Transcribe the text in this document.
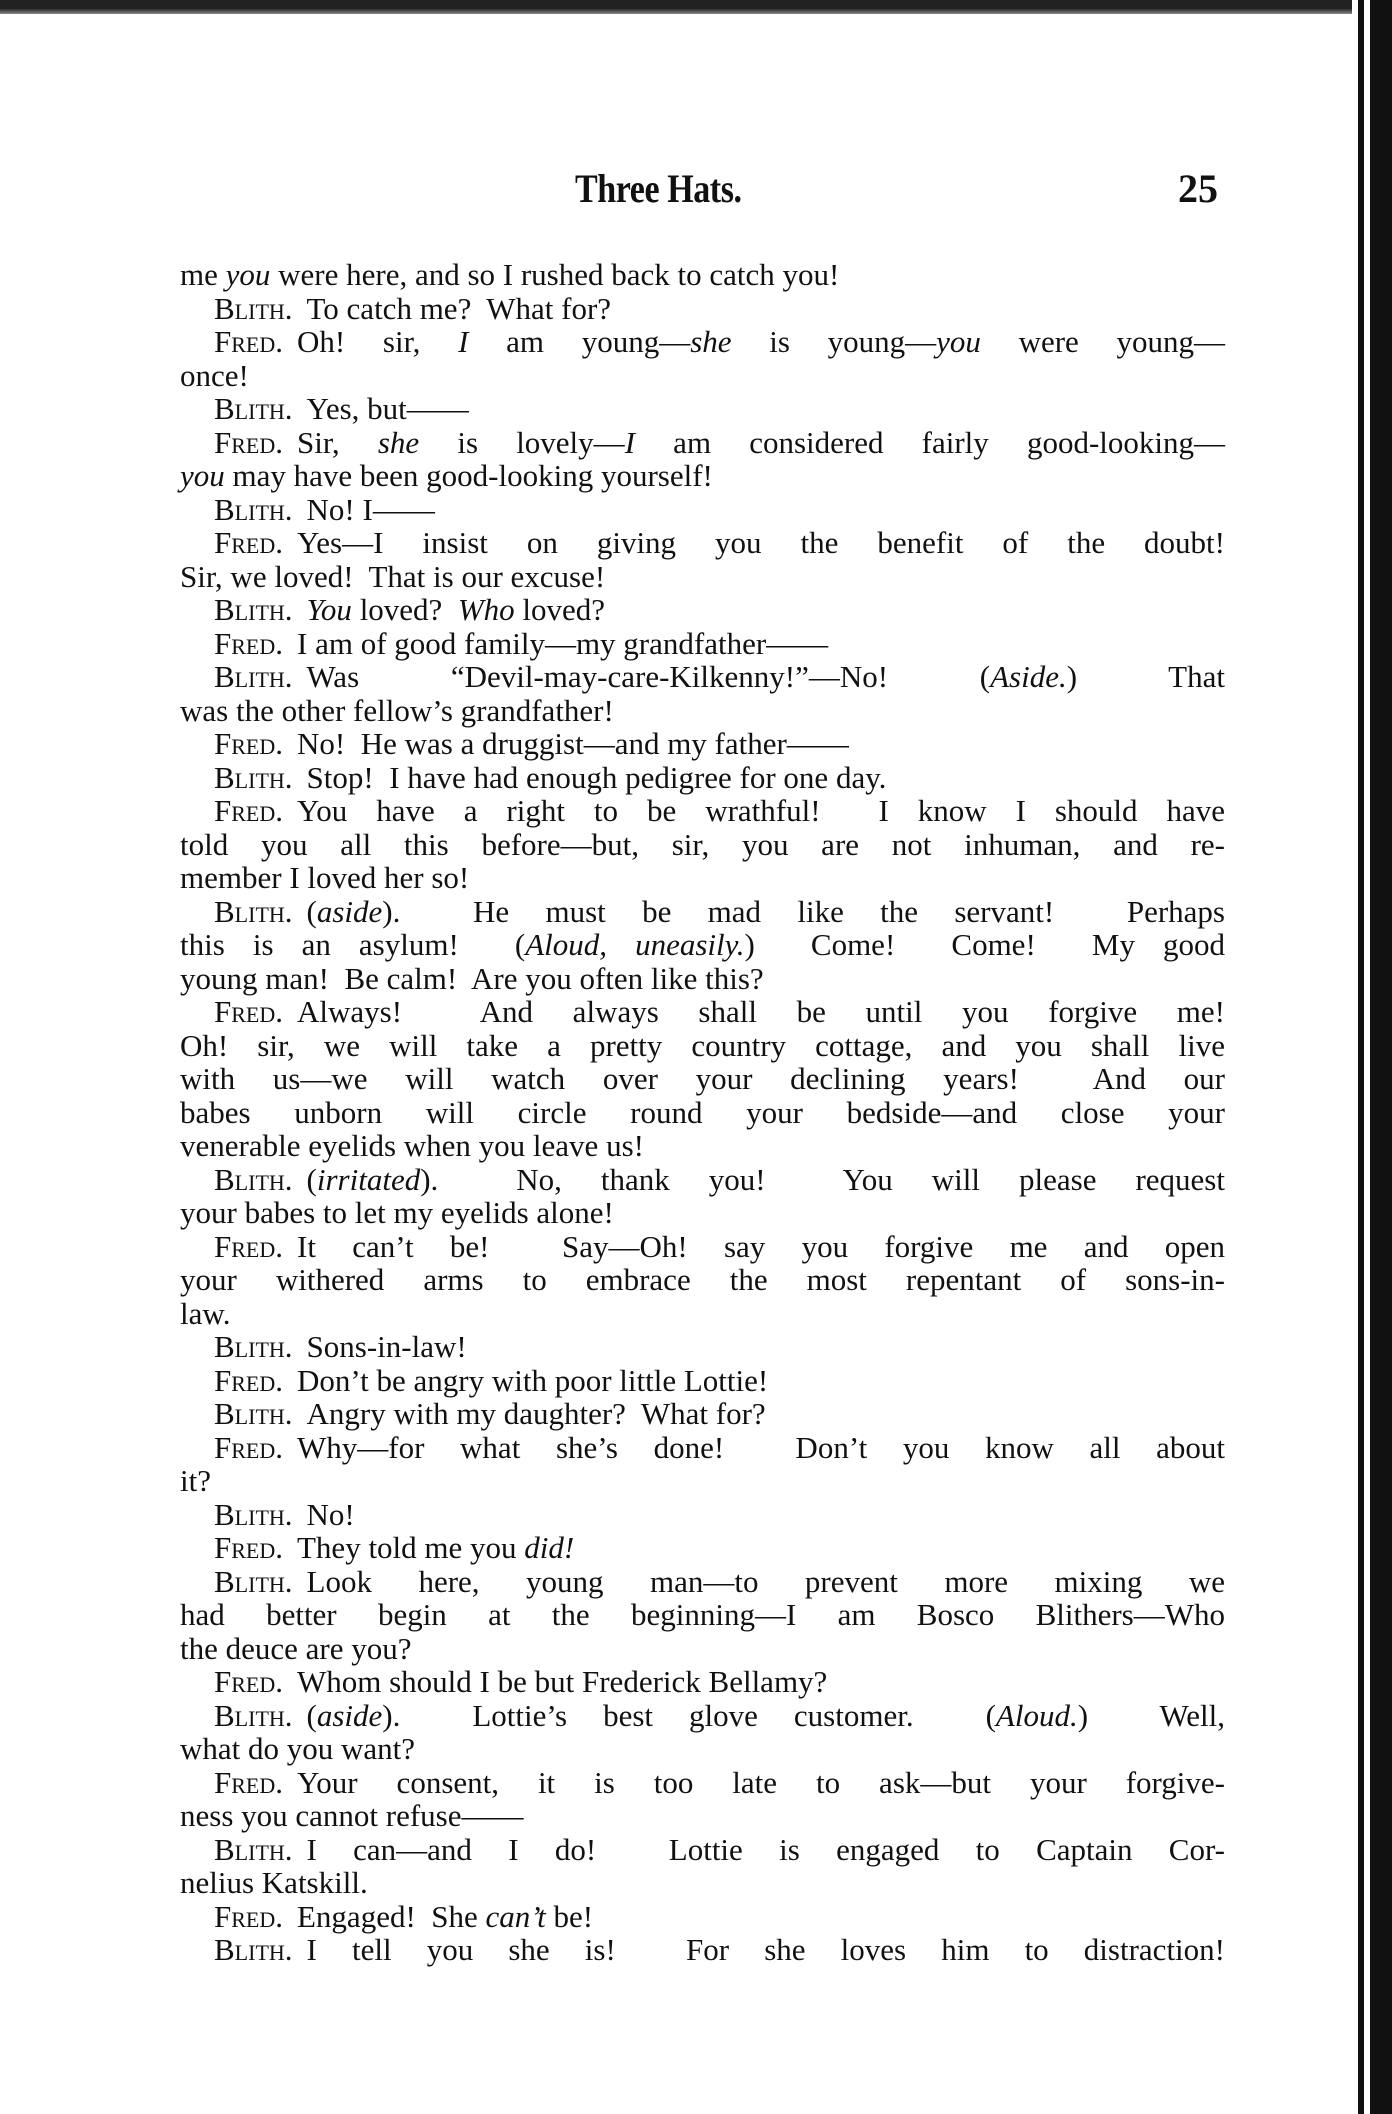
Three Hats.	25
me you were here, and so I rushed back to catch you!
Blith. To catch me?  What for?
Fred. Oh! sir, I am young—she is young—you were young—
once!
Blith. Yes, but——
Fred. Sir, she is lovely—I am considered fairly good-looking—
you may have been good-looking yourself!
Blith. No! I——
Fred. Yes—I insist on giving you the benefit of the doubt!
Sir, we loved!  That is our excuse!
Blith. You loved?  Who loved?
Fred. I am of good family—my grandfather——
Blith. Was “Devil-may-care-Kilkenny!”—No! (Aside.) That
was the other fellow’s grandfather!
Fred. No!  He was a druggist—and my father——
Blith. Stop!  I have had enough pedigree for one day.
Fred. You have a right to be wrathful!  I know I should have
told you all this before—but, sir, you are not inhuman, and re-
member I loved her so!
Blith. (aside).  He must be mad like the servant!  Perhaps
this is an asylum!  (Aloud, uneasily.)  Come!  Come!  My good
young man!  Be calm!  Are you often like this?
Fred. Always!  And always shall be until you forgive me!
Oh! sir, we will take a pretty country cottage, and you shall live
with us—we will watch over your declining years!  And our
babes unborn will circle round your bedside—and close your
venerable eyelids when you leave us!
Blith. (irritated).  No, thank you!  You will please request
your babes to let my eyelids alone!
Fred. It can’t be!  Say—Oh! say you forgive me and open
your withered arms to embrace the most repentant of sons-in-
law.
Blith. Sons-in-law!
Fred. Don’t be angry with poor little Lottie!
Blith. Angry with my daughter?  What for?
Fred. Why—for what she’s done!  Don’t you know all about
it?
Blith. No!
Fred. They told me you did!
Blith. Look here, young man—to prevent more mixing we
had better begin at the beginning—I am Bosco Blithers—Who
the deuce are you?
Fred. Whom should I be but Frederick Bellamy?
Blith. (aside).  Lottie’s best glove customer.  (Aloud.)  Well,
what do you want?
Fred. Your consent, it is too late to ask—but your forgive-
ness you cannot refuse——
Blith. I can—and I do!  Lottie is engaged to Captain Cor-
nelius Katskill.
Fred. Engaged!  She can’t be!
Blith. I tell you she is!  For she loves him to distraction!
